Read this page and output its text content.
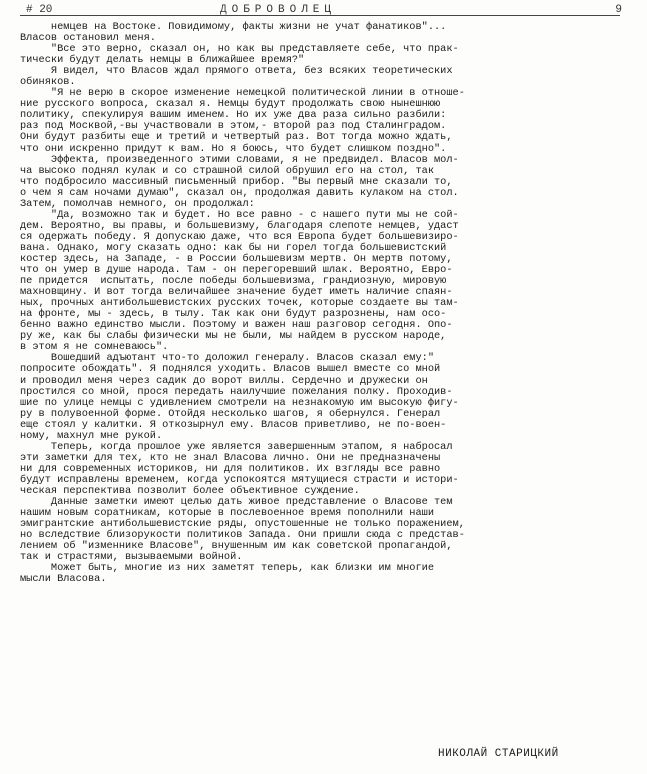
# 20	ДОБРОВОЛЕЦ	9
немцев на Востоке. Повидимому, факты жизни не учат фанатиков"...
Власов остановил меня.
"Все это верно, сказал он, но как вы представляете себе, что прак-
тически будут делать немцы в ближайшее время?"
Я видел, что Власов ждал прямого ответа, без всяких теоретических
обиняков.
"Я не верю в скорое изменение немецкой политической линии в отноше-
ние русского вопроса, сказал я. Немцы будут продолжать свою нынешнюю
политику, спекулируя вашим именем. Но их уже два раза сильно разбили:
раз под Москвой,-вы участвовали в этом,- второй раз под Сталинградом.
Они будут разбиты еще и третий и четвертый раз. Вот тогда можно ждать,
что они искренно придут к вам. Но я боюсь, что будет слишком поздно".
Эффекта, произведенного этими словами, я не предвидел. Власов мол-
ча высоко поднял кулак и со страшной силой обрушил его на стол, так
что подбросило массивный письменный прибор. "Вы первый мне сказали то,
о чем я сам ночами думаю", сказал он, продолжая давить кулаком на стол.
Затем, помолчав немного, он продолжал:
"Да, возможно так и будет. Но все равно - с нашего пути мы не сой-
дем. Вероятно, вы правы, и большевизму, благодаря слепоте немцев, удаст
ся одержать победу. Я допускаю даже, что вся Европа будет большевизиро-
вана. Однако, могу сказать одно: как бы ни горел тогда большевистский
костер здесь, на Западе, - в России большевизм мертв. Он мертв потому,
что он умер в душе народа. Там - он перегоревший шлак. Вероятно, Евро-
пе придется  испытать, после победы большевизма, грандиозную, мировую
махновщину. И вот тогда величайшее значение будет иметь наличие спаян-
ных, прочных антибольшевистских русских точек, которые создаете вы там-
на фронте, мы - здесь, в тылу. Так как они будут разрознены, нам осо-
бенно важно единство мысли. Поэтому и важен наш разговор сегодня. Опо-
ру же, как бы слабы физически мы не были, мы найдем в русском народе,
в этом я не сомневаюсь".
Вошедший адъютант что-то доложил генералу. Власов сказал ему:"
попросите обождать". Я поднялся уходить. Власов вышел вместе со мной
и проводил меня через садик до ворот виллы. Сердечно и дружески он
простился со мной, прося передать наилучшие пожелания полку. Проходив-
шие по улице немцы с удивлением смотрели на незнакомую им высокую фигу-
ру в полувоенной форме. Отойдя несколько шагов, я обернулся. Генерал
еще стоял у калитки. Я откозырнул ему. Власов приветливо, не по-воен-
ному, махнул мне рукой.
Теперь, когда прошлое уже является завершенным этапом, я набросал
эти заметки для тех, кто не знал Власова лично. Они не предназначены
ни для современных историков, ни для политиков. Их взгляды все равно
будут исправлены временем, когда успокоятся мятущиеся страсти и истори-
ческая перспектива позволит более объективное суждение.
Данные заметки имеют целью дать живое представление о Власове тем
нашим новым соратникам, которые в послевоенное время пополнили наши
эмигрантские антибольшевистские ряды, опустошенные не только поражением,
но вследствие близорукости политиков Запада. Они пришли сюда с представ-
лением об "изменнике Власове", внушенным им как советской пропагандой,
так и страстями, вызываемыми войной.
Может быть, многие из них заметят теперь, как близки им многие
мысли Власова.
НИКОЛАЙ СТАРИЦКИЙ
